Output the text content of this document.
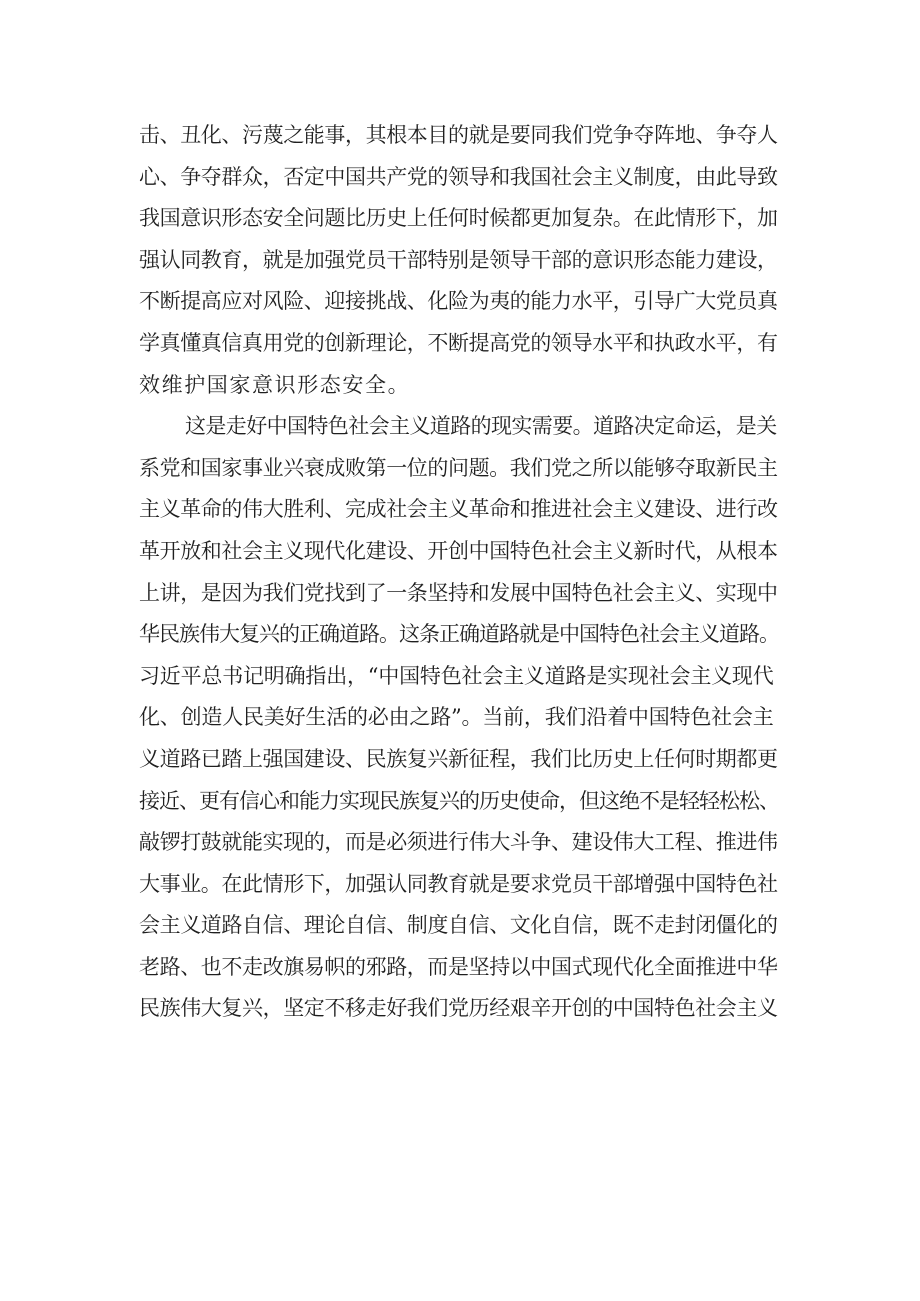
击、丑化、污蔑之能事，其根本目的就是要同我们党争夺阵地、争夺人
心、争夺群众，否定中国共产党的领导和我国社会主义制度，由此导致
我国意识形态安全问题比历史上任何时候都更加复杂。在此情形下，加
强认同教育，就是加强党员干部特别是领导干部的意识形态能力建设，
不断提高应对风险、迎接挑战、化险为夷的能力水平，引导广大党员真
学真懂真信真用党的创新理论，不断提高党的领导水平和执政水平，有
效维护国家意识形态安全。
这是走好中国特色社会主义道路的现实需要。道路决定命运，是关
系党和国家事业兴衰成败第一位的问题。我们党之所以能够夺取新民主
主义革命的伟大胜利、完成社会主义革命和推进社会主义建设、进行改
革开放和社会主义现代化建设、开创中国特色社会主义新时代，从根本
上讲，是因为我们党找到了一条坚持和发展中国特色社会主义、实现中
华民族伟大复兴的正确道路。这条正确道路就是中国特色社会主义道路。
习近平总书记明确指出，“中国特色社会主义道路是实现社会主义现代
化、创造人民美好生活的必由之路”。当前，我们沿着中国特色社会主
义道路已踏上强国建设、民族复兴新征程，我们比历史上任何时期都更
接近、更有信心和能力实现民族复兴的历史使命，但这绝不是轻轻松松、
敲锣打鼓就能实现的，而是必须进行伟大斗争、建设伟大工程、推进伟
大事业。在此情形下，加强认同教育就是要求党员干部增强中国特色社
会主义道路自信、理论自信、制度自信、文化自信，既不走封闭僵化的
老路、也不走改旗易帜的邪路，而是坚持以中国式现代化全面推进中华
民族伟大复兴，坚定不移走好我们党历经艰辛开创的中国特色社会主义
